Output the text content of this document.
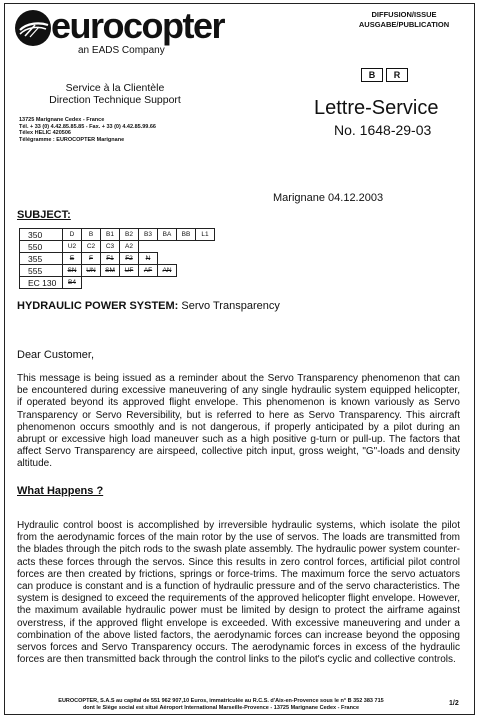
eurocopter
an EADS Company
DIFFUSION/ISSUE
AUSGABE/PUBLICATION
B	R
Service à la Clientèle
Direction Technique Support
13725 Marignane Cedex - France
Tél. + 33 (0) 4.42.85.85.85 - Fax. + 33 (0) 4.42.85.99.66
Télex HELIC 420506
Télégramme : EUROCOPTER Marignane
Lettre-Service
No. 1648-29-03
Marignane 04.12.2003
SUBJECT:
350	D	B	B1	B2	B3	BA	BB	L1
550	U2	C2	C3	A2				
355	E	F	F1	F2	N			
555	SN	UN	SM	UF	AF	AN		
EC 130	B4							
HYDRAULIC POWER SYSTEM: Servo Transparency
Dear Customer,
This message is being issued as a reminder about the Servo Transparency phenomenon that can be encountered during excessive maneuvering of any single hydraulic system equipped helicopter, if operated beyond its approved flight envelope. This phenomenon is known variously as Servo Transparency or Servo Reversibility, but is referred to here as Servo Transparency. This aircraft phenomenon occurs smoothly and is not dangerous, if properly anticipated by a pilot during an abrupt or excessive high load maneuver such as a high positive g-turn or pull-up. The factors that affect Servo Transparency are airspeed, collective pitch input, gross weight, "G"-loads and density altitude.
What Happens ?
Hydraulic control boost is accomplished by irreversible hydraulic systems, which isolate the pilot from the aerodynamic forces of the main rotor by the use of servos. The loads are transmitted from the blades through the pitch rods to the swash plate assembly. The hydraulic power system counter-acts these forces through the servos. Since this results in zero control forces, artificial pilot control forces are then created by frictions, springs or force-trims. The maximum force the servo actuators can produce is constant and is a function of hydraulic pressure and of the servo characteristics. The system is designed to exceed the requirements of the approved helicopter flight envelope. However, the maximum available hydraulic power must be limited by design to protect the airframe against overstress, if the approved flight envelope is exceeded. With excessive maneuvering and under a combination of the above listed factors, the aerodynamic forces can increase beyond the opposing servos forces and Servo Transparency occurs. The aerodynamic forces in excess of the hydraulic forces are then transmitted back through the control links to the pilot's cyclic and collective controls.
EUROCOPTER, S.A.S au capital de 551 962 907,10 Euros, immatriculée au R.C.S. d'Aix-en-Provence sous le n° B 352 383 715
dont le Siège social est situé Aéroport International Marseille-Provence - 13725 Marignane Cedex - France
1/2
